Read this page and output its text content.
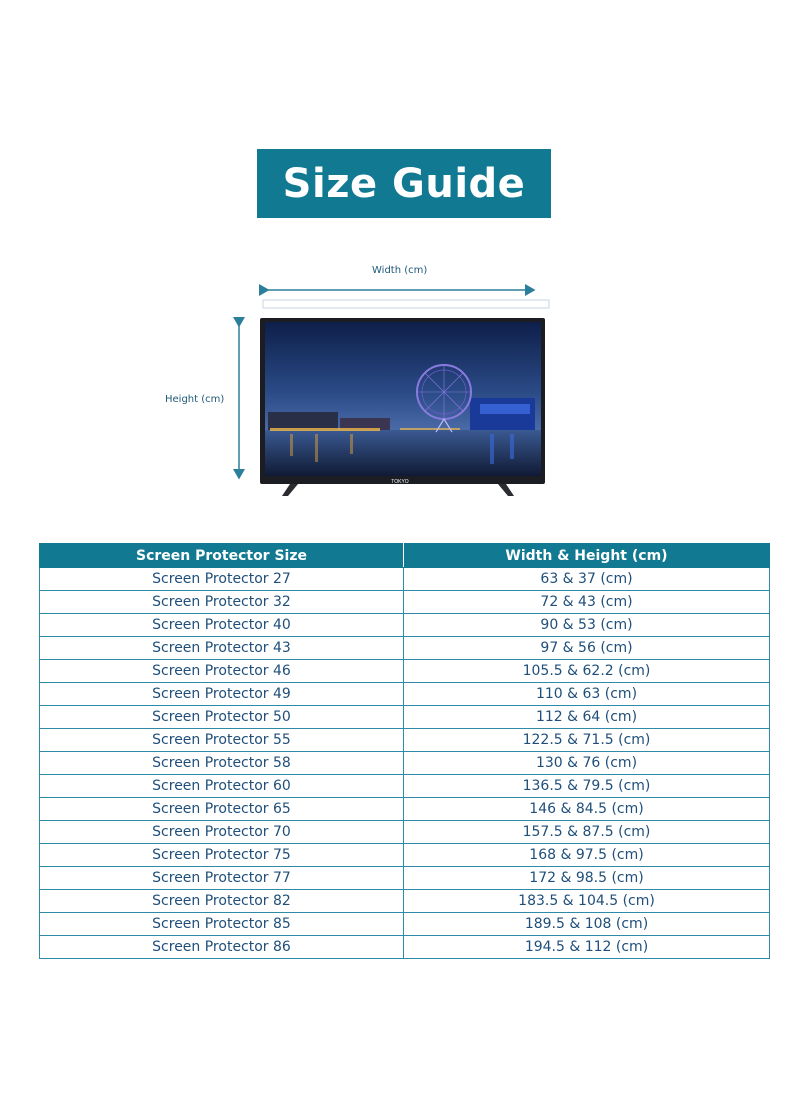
Size Guide
Width (cm)
Height (cm)
TOKYO
Screen Protector Size	Width & Height (cm)
Screen Protector 27	63 & 37 (cm)
Screen Protector 32	72 & 43 (cm)
Screen Protector 40	90 & 53 (cm)
Screen Protector 43	97 & 56 (cm)
Screen Protector 46	105.5 & 62.2 (cm)
Screen Protector 49	110 & 63 (cm)
Screen Protector 50	112 & 64 (cm)
Screen Protector 55	122.5 & 71.5 (cm)
Screen Protector 58	130 & 76 (cm)
Screen Protector 60	136.5 & 79.5 (cm)
Screen Protector 65	146 & 84.5 (cm)
Screen Protector 70	157.5 & 87.5 (cm)
Screen Protector 75	168 & 97.5 (cm)
Screen Protector 77	172 & 98.5 (cm)
Screen Protector 82	183.5 & 104.5 (cm)
Screen Protector 85	189.5 & 108 (cm)
Screen Protector 86	194.5 & 112 (cm)
